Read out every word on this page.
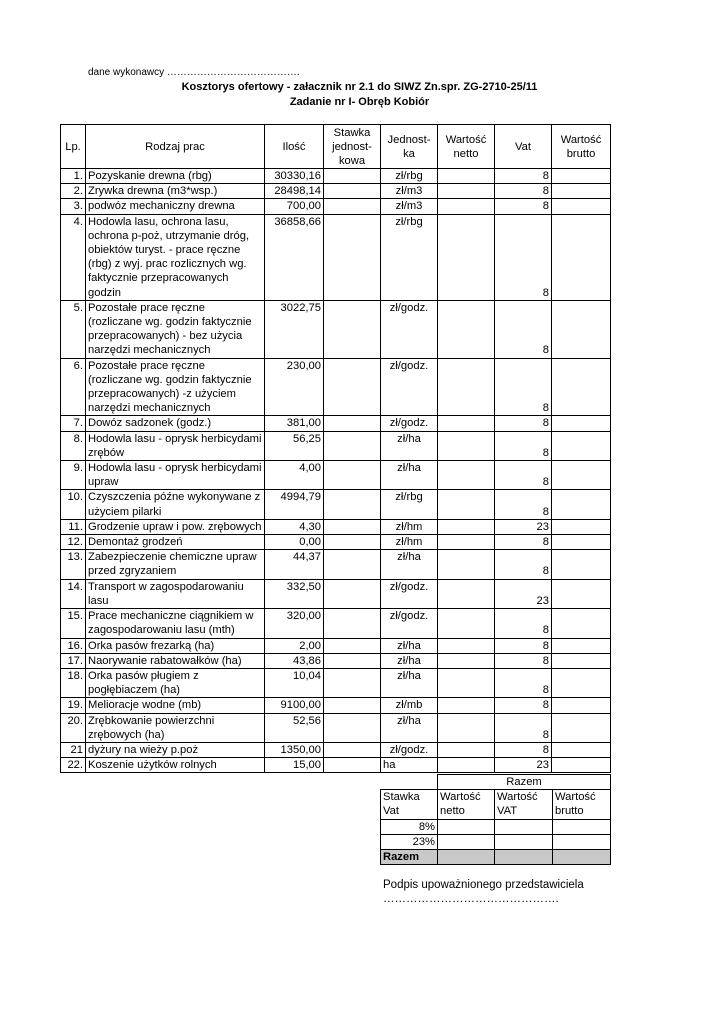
dane wykonawcy ………………………………….
Kosztorys ofertowy - załacznik nr 2.1 do SIWZ Zn.spr. ZG-2710-25/11
Zadanie nr I- Obręb Kobiór
Lp.	Rodzaj prac	Ilość	Stawka jednost-kowa	Jednost-ka	Wartość netto	Vat	Wartość brutto
1.	Pozyskanie drewna (rbg)	30330,16		zł/rbg		8	
2.	Zrywka drewna (m3*wsp.)	28498,14		zł/m3		8	
3.	podwóz mechaniczny drewna	700,00		zł/m3		8	
4.	Hodowla lasu, ochrona lasu, ochrona p-poż, utrzymanie dróg, obiektów turyst. - prace ręczne (rbg) z wyj. prac rozlicznych wg. faktycznie przepracowanych godzin	36858,66		zł/rbg		8	
5.	Pozostałe prace ręczne (rozliczane wg. godzin faktycznie przepracowanych) - bez użycia narzędzi mechanicznych	3022,75		zł/godz.		8	
6.	Pozostałe prace ręczne (rozliczane wg. godzin faktycznie przepracowanych) -z użyciem narzędzi mechanicznych	230,00		zł/godz.		8	
7.	Dowóz sadzonek (godz.)	381,00		zł/godz.		8	
8.	Hodowla lasu - oprysk herbicydami zrębów	56,25		zł/ha		8	
9.	Hodowla lasu - oprysk herbicydami upraw	4,00		zł/ha		8	
10.	Czyszczenia późne wykonywane z użyciem pilarki	4994,79		zł/rbg		8	
11.	Grodzenie upraw i pow. zrębowych	4,30		zł/hm		23	
12.	Demontaż grodzeń	0,00		zł/hm		8	
13.	Zabezpieczenie chemiczne upraw przed zgryzaniem	44,37		zł/ha		8	
14.	Transport w zagospodarowaniu lasu	332,50		zł/godz.		23	
15.	Prace mechaniczne ciągnikiem w zagospodarowaniu lasu (mth)	320,00		zł/godz.		8	
16.	Orka pasów frezarką (ha)	2,00		zł/ha		8	
17.	Naorywanie rabatowałków (ha)	43,86		zł/ha		8	
18.	Orka pasów pługiem z pogłębiaczem (ha)	10,04		zł/ha		8	
19.	Melioracje wodne (mb)	9100,00		zł/mb		8	
20.	Zrębkowanie powierzchni zrębowych (ha)	52,56		zł/ha		8	
21	dyżury na wieży p.poż	1350,00		zł/godz.		8	
22.	Koszenie użytków rolnych	15,00		ha		23	
	Razem		
Stawka Vat	Wartość netto	Wartość VAT	Wartość brutto
8%			
23%			
Razem			
Podpis upoważnionego przedstawiciela
……………………………………….
